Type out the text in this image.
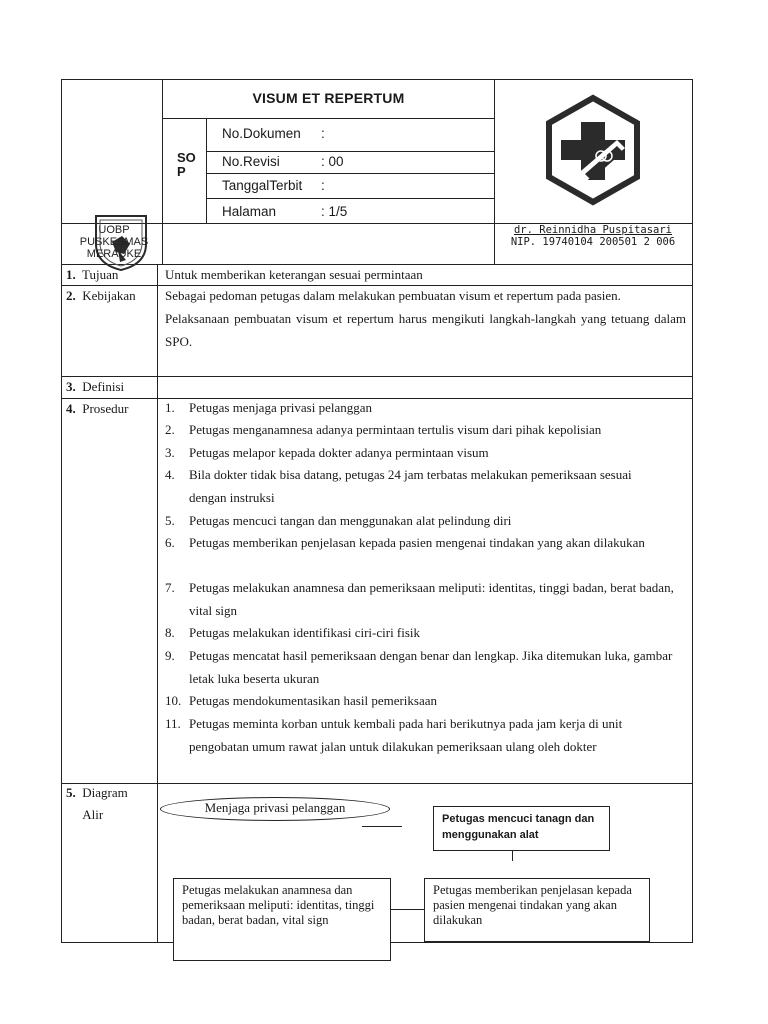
VISUM ET REPERTUM
SO
P
No.Dokumen :
No.Revisi	: 00
TanggalTerbit :
Halaman	: 1/5
dr. Reinnidha Puspitasari
NIP. 19740104 200501 2 006
UOBP
PUSKESMAS
MERAUKE
1. Tujuan	Untuk memberikan keterangan sesuai permintaan
2. Kebijakan Sebagai pedoman petugas dalam melakukan pembuatan visum et repertum pada pasien.
Pelaksanaan pembuatan visum et repertum harus mengikuti langkah-langkah yang tetuang dalam SPO.
3. Definisi
4. Prosedur	1.	Petugas menjaga privasi pelanggan
2.	Petugas menganamnesa adanya permintaan tertulis visum dari pihak kepolisian
3.	Petugas melapor kepada dokter adanya permintaan visum
4.	Bila dokter tidak bisa datang, petugas 24 jam terbatas melakukan pemeriksaan sesuai dengan instruksi
5.	Petugas mencuci tangan dan menggunakan alat pelindung diri
6.	Petugas memberikan penjelasan kepada pasien mengenai tindakan yang akan dilakukan
7.	Petugas melakukan anamnesa dan pemeriksaan meliputi: identitas, tinggi badan, berat badan, vital sign
8.	Petugas melakukan identifikasi ciri-ciri fisik
9.	Petugas mencatat hasil pemeriksaan dengan benar dan lengkap. Jika ditemukan luka, gambar letak luka beserta ukuran
10. Petugas mendokumentasikan hasil pemeriksaan
11. Petugas meminta korban untuk kembali pada hari berikutnya pada jam kerja di unit pengobatan umum rawat jalan untuk dilakukan pemeriksaan ulang oleh dokter
5. Diagram Alir	Menjaga privasi pelanggan
Petugas mencuci tanagn dan menggunakan alat
Petugas melakukan anamnesa dan pemeriksaan meliputi: identitas, tinggi badan, berat badan, vital sign
Petugas memberikan penjelasan kepada pasien mengenai tindakan yang akan dilakukan
